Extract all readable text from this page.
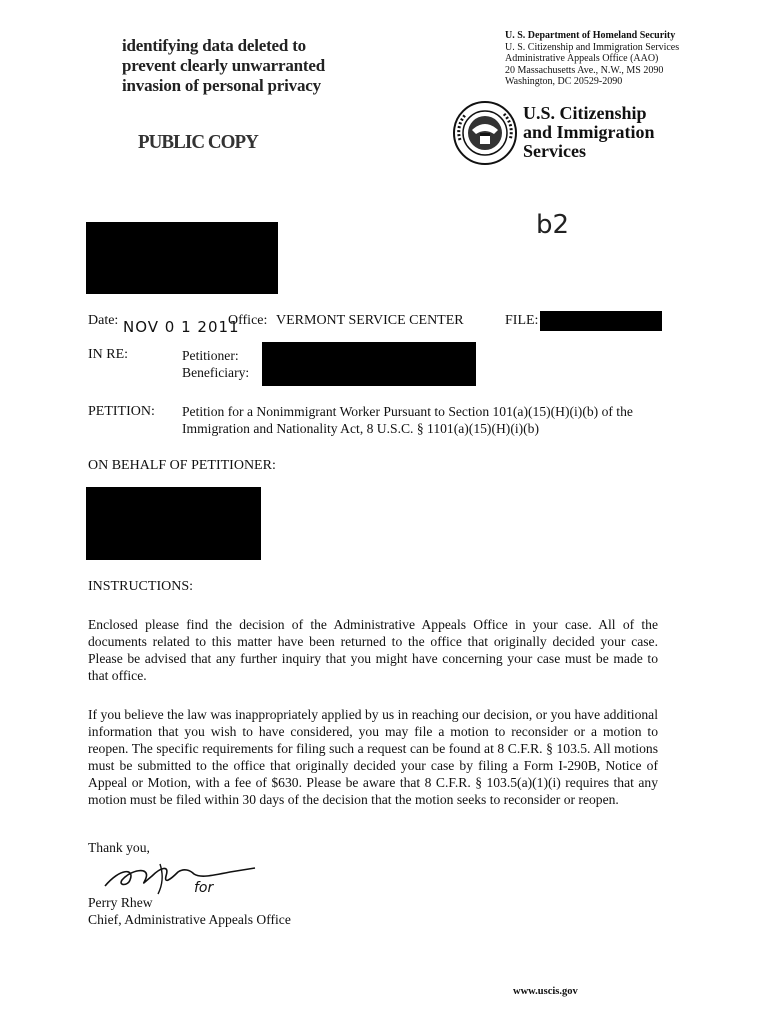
identifying data deleted to
prevent clearly unwarranted
invasion of personal privacy
PUBLIC COPY
U. S. Department of Homeland Security
U. S. Citizenship and Immigration Services
Administrative Appeals Office (AAO)
20 Massachusetts Ave., N.W., MS 2090
Washington, DC 20529-2090
U.S. Citizenship
and Immigration
Services
b2
Date: NOV 0 1 2011
Office: VERMONT SERVICE CENTER	FILE:
IN RE:	Petitioner:
Beneficiary:
PETITION: Petition for a Nonimmigrant Worker Pursuant to Section 101(a)(15)(H)(i)(b) of the
Immigration and Nationality Act, 8 U.S.C. § 1101(a)(15)(H)(i)(b)
ON BEHALF OF PETITIONER:
INSTRUCTIONS:
Enclosed please find the decision of the Administrative Appeals Office in your case. All of the documents related to this matter have been returned to the office that originally decided your case. Please be advised that any further inquiry that you might have concerning your case must be made to that office.
If you believe the law was inappropriately applied by us in reaching our decision, or you have additional information that you wish to have considered, you may file a motion to reconsider or a motion to reopen. The specific requirements for filing such a request can be found at 8 C.F.R. § 103.5. All motions must be submitted to the office that originally decided your case by filing a Form I-290B, Notice of Appeal or Motion, with a fee of $630. Please be aware that 8 C.F.R. § 103.5(a)(1)(i) requires that any motion must be filed within 30 days of the decision that the motion seeks to reconsider or reopen.
Thank you,
for
Perry Rhew
Chief, Administrative Appeals Office
www.uscis.gov
